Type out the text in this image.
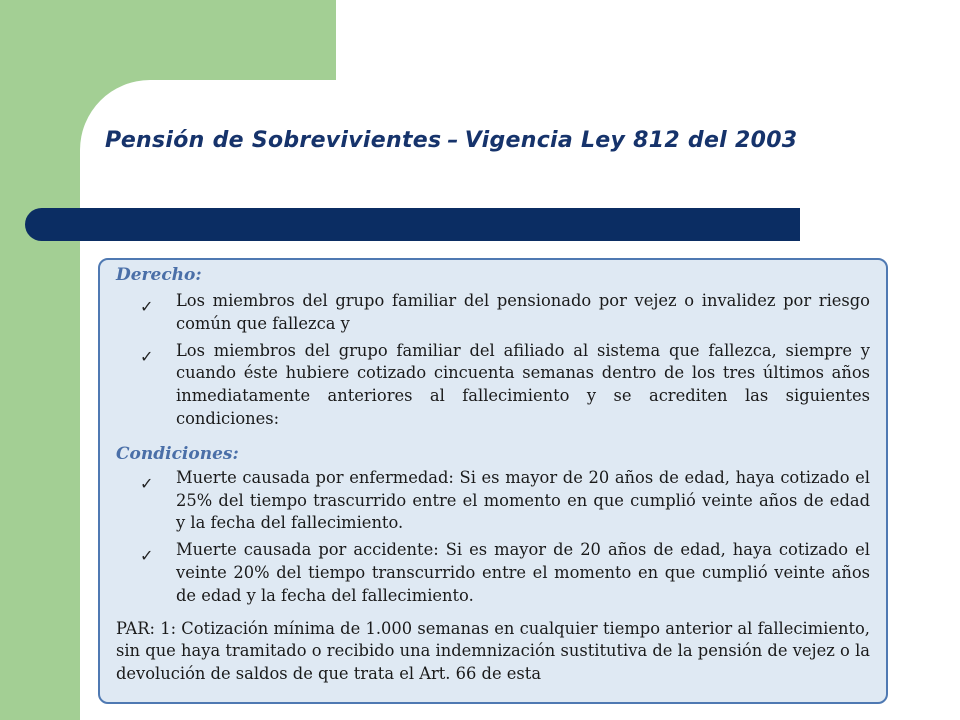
Pensión de Sobrevivientes – Vigencia Ley 812 del 2003
Derecho:
✓ Los miembros del grupo familiar del pensionado por vejez o invalidez por riesgo común que fallezca y
✓ Los miembros del grupo familiar del afiliado al sistema que fallezca, siempre y cuando éste hubiere cotizado cincuenta semanas dentro de los tres últimos años inmediatamente anteriores al fallecimiento y se acrediten las siguientes condiciones:
Condiciones:
✓ Muerte causada por enfermedad: Si es mayor de 20 años de edad, haya cotizado el 25% del tiempo trascurrido entre el momento en que cumplió veinte años de edad y la fecha del fallecimiento.
✓ Muerte causada por accidente: Si es mayor de 20 años de edad, haya cotizado el veinte 20% del tiempo transcurrido entre el momento en que cumplió veinte años de edad y la fecha del fallecimiento.
PAR: 1: Cotización mínima de 1.000 semanas en cualquier tiempo anterior al fallecimiento, sin que haya tramitado o recibido una indemnización sustitutiva de la pensión de vejez o la devolución de saldos de que trata el Art. 66 de esta
